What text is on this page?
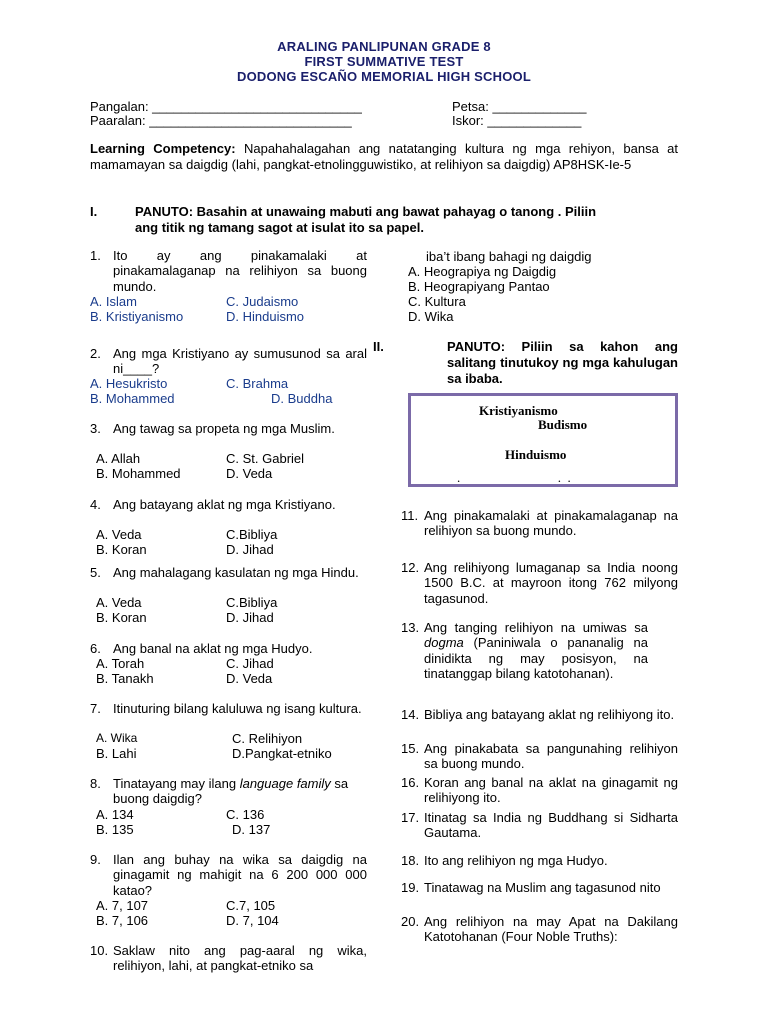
ARALING PANLIPUNAN GRADE 8
FIRST SUMMATIVE TEST
DODONG ESCAÑO MEMORIAL HIGH SCHOOL
Pangalan: _____________________________
Paaralan: ____________________________
Petsa: _____________
Iskor: _____________
Learning Competency: Napahahalagahan ang natatanging kultura ng mga rehiyon, bansa at mamamayan sa daigdig (lahi, pangkat-etnolingguwistiko, at relihiyon sa daigdig) AP8HSK-Ie-5
I.	PANUTO: Basahin at unawaing mabuti ang bawat pahayag o tanong . Piliin
ang titik ng tamang sagot at isulat ito sa papel.
1. Ito ay ang pinakamalaki at pinakamalaganap na relihiyon sa buong mundo.
A. Islam
B. Kristiyanismo
C. Judaismo
D. Hinduismo
2. Ang mga Kristiyano ay sumusunod sa aral ni____?
A. Hesukristo
B. Mohammed
C. Brahma
D. Buddha
3. Ang tawag sa propeta ng mga Muslim.
A. Allah
B. Mohammed
C. St. Gabriel
D. Veda
4. Ang batayang aklat ng mga Kristiyano.
A. Veda
B. Koran
C.Bibliya
D. Jihad
5. Ang mahalagang kasulatan ng mga Hindu.
A. Veda
B. Koran
C.Bibliya
D. Jihad
6. Ang banal na aklat ng mga Hudyo.
A. Torah
B. Tanakh
C. Jihad
D. Veda
7. Itinuturing bilang kaluluwa ng isang kultura.
A. Wika
B. Lahi
C. Relihiyon
D.Pangkat-etniko
8. Tinatayang may ilang language family sa buong daigdig?
A. 134
B. 135
C. 136
D. 137
9. Ilan ang buhay na wika sa daigdig na ginagamit ng mahigit na 6 200 000 000 katao?
A. 7, 107
B. 7, 106
C.7, 105
D. 7, 104
10. Saklaw nito ang pag-aaral ng wika, relihiyon, lahi, at pangkat-etniko sa
iba’t ibang bahagi ng daigdig
A. Heograpiya ng Daigdig
B. Heograpiyang Pantao
C. Kultura
D. Wika
II.	PANUTO: Piliin sa kahon ang salitang tinutukoy ng mga kahulugan sa ibaba.
Kristiyanismo
Budismo
Hinduismo
.                              .  .
11. Ang pinakamalaki at pinakamalaganap na relihiyon sa buong mundo.
12. Ang relihiyong lumaganap sa India noong 1500 B.C. at mayroon itong 762 milyong tagasunod.
13. Ang tanging relihiyon na umiwas sa dogma (Paniniwala o pananalig na dinidikta ng may posisyon, na tinatanggap bilang katotohanan).
14. Bibliya ang batayang aklat ng relihiyong ito.
15. Ang pinakabata sa pangunahing relihiyon sa buong mundo.
16. Koran ang banal na aklat na ginagamit ng relihiyong ito.
17. Itinatag sa India ng Buddhang si Sidharta Gautama.
18. Ito ang relihiyon ng mga Hudyo.
19. Tinatawag na Muslim ang tagasunod nito
20. Ang relihiyon na may Apat na Dakilang Katotohanan (Four Noble Truths):
